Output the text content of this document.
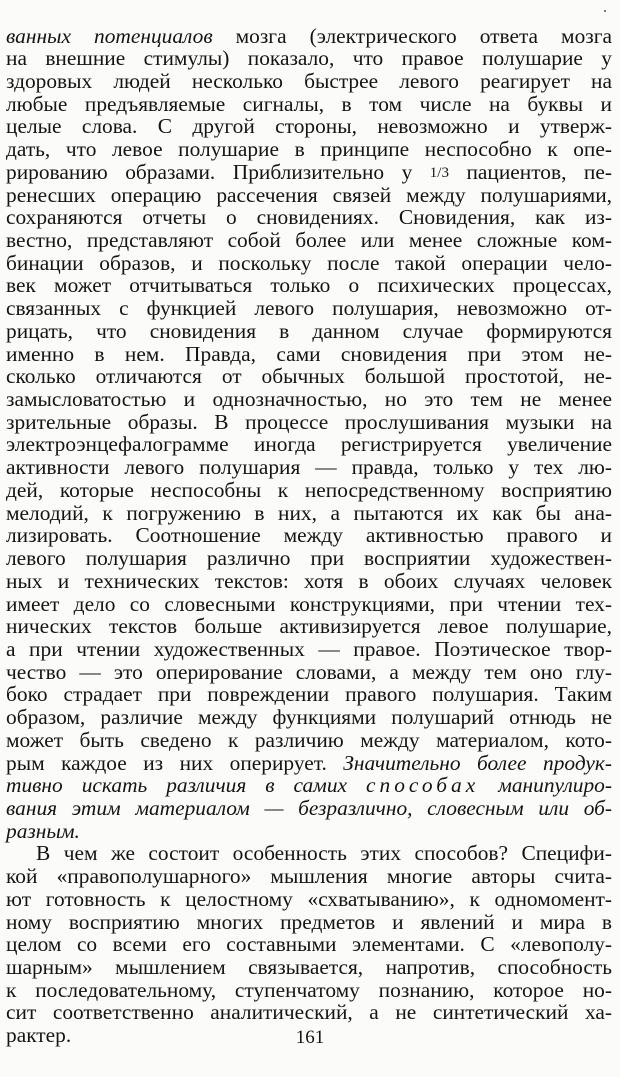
ванных потенциалов мозга (электрического ответа мозга
на внешние стимулы) показало, что правое полушарие у
здоровых людей несколько быстрее левого реагирует на
любые предъявляемые сигналы, в том числе на буквы и
целые слова. С другой стороны, невозможно и утверж-
дать, что левое полушарие в принципе неспособно к опе-
рированию образами. Приблизительно у 1/3 пациентов, пе-
ренесших операцию рассечения связей между полушариями,
сохраняются отчеты о сновидениях. Сновидения, как из-
вестно, представляют собой более или менее сложные ком-
бинации образов, и поскольку после такой операции чело-
век может отчитываться только о психических процессах,
связанных с функцией левого полушария, невозможно от-
рицать, что сновидения в данном случае формируются
именно в нем. Правда, сами сновидения при этом не-
сколько отличаются от обычных большой простотой, не-
замысловатостью и однозначностью, но это тем не менее
зрительные образы. В процессе прослушивания музыки на
электроэнцефалограмме иногда регистрируется увеличение
активности левого полушария — правда, только у тех лю-
дей, которые неспособны к непосредственному восприятию
мелодий, к погружению в них, а пытаются их как бы ана-
лизировать. Соотношение между активностью правого и
левого полушария различно при восприятии художествен-
ных и технических текстов: хотя в обоих случаях человек
имеет дело со словесными конструкциями, при чтении тех-
нических текстов больше активизируется левое полушарие,
а при чтении художественных — правое. Поэтическое твор-
чество — это оперирование словами, а между тем оно глу-
боко страдает при повреждении правого полушария. Таким
образом, различие между функциями полушарий отнюдь не
может быть сведено к различию между материалом, кото-
рым каждое из них оперирует. Значительно более продук-
тивно искать различия в самих способах манипулиро-
вания этим материалом — безразлично, словесным или об-
разным.
В чем же состоит особенность этих способов? Специфи-
кой «правополушарного» мышления многие авторы счита-
ют готовность к целостному «схватыванию», к одномомент-
ному восприятию многих предметов и явлений и мира в
целом со всеми его составными элементами. С «левополу-
шарным» мышлением связывается, напротив, способность
к последовательному, ступенчатому познанию, которое но-
сит соответственно аналитический, а не синтетический ха-
рактер.	161
